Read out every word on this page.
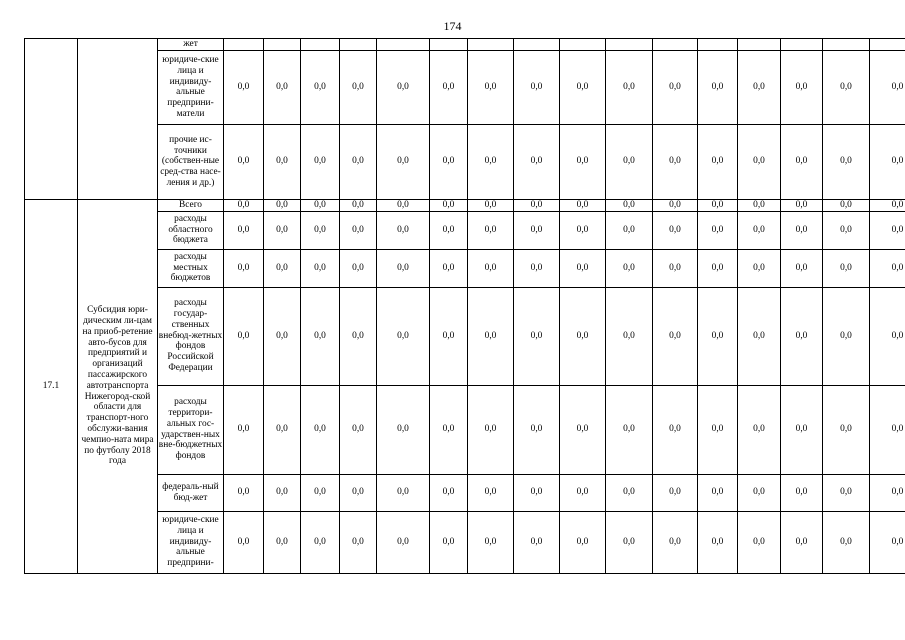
174
		жет																
		юридиче-ские лица и индивиду-альные предприни-матели	0,0	0,0	0,0	0,0	0,0	0,0	0,0	0,0	0,0	0,0	0,0	0,0	0,0	0,0	0,0	0,0
		прочие ис-точники (собствен-ные сред-ства насе-ления и др.)	0,0	0,0	0,0	0,0	0,0	0,0	0,0	0,0	0,0	0,0	0,0	0,0	0,0	0,0	0,0	0,0
17.1	Субсидия юри-дическим ли-цам на приоб-ретение авто-бусов для предприятий и организаций пассажирского автотранспорта Нижегород-ской области для транспорт-ного обслужи-вания чемпио-ната мира по футболу 2018 года	Всего	0,0	0,0	0,0	0,0	0,0	0,0	0,0	0,0	0,0	0,0	0,0	0,0	0,0	0,0	0,0	0,0
		расходы областного бюджета	0,0	0,0	0,0	0,0	0,0	0,0	0,0	0,0	0,0	0,0	0,0	0,0	0,0	0,0	0,0	0,0
		расходы местных бюджетов	0,0	0,0	0,0	0,0	0,0	0,0	0,0	0,0	0,0	0,0	0,0	0,0	0,0	0,0	0,0	0,0
		расходы государ-ственных внебюд-жетных фондов Российской Федерации	0,0	0,0	0,0	0,0	0,0	0,0	0,0	0,0	0,0	0,0	0,0	0,0	0,0	0,0	0,0	0,0
		расходы территори-альных гос-ударствен-ных вне-бюджетных фондов	0,0	0,0	0,0	0,0	0,0	0,0	0,0	0,0	0,0	0,0	0,0	0,0	0,0	0,0	0,0	0,0
		федераль-ный бюд-жет	0,0	0,0	0,0	0,0	0,0	0,0	0,0	0,0	0,0	0,0	0,0	0,0	0,0	0,0	0,0	0,0
		юридиче-ские лица и индивиду-альные предприни-	0,0	0,0	0,0	0,0	0,0	0,0	0,0	0,0	0,0	0,0	0,0	0,0	0,0	0,0	0,0	0,0
